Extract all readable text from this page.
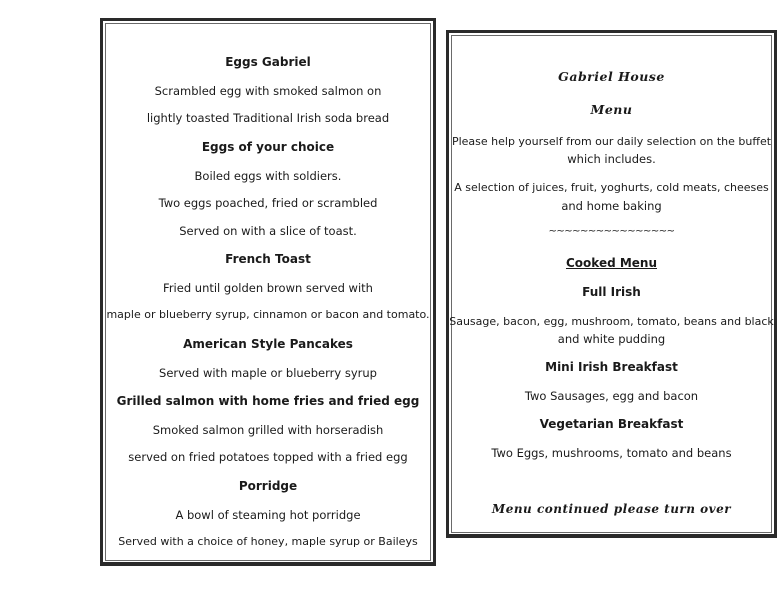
Eggs Gabriel
Scrambled egg with smoked salmon on
lightly toasted Traditional Irish soda bread
Eggs of your choice
Boiled eggs with soldiers.
Two eggs poached, fried or scrambled
Served on with a slice of toast.
French Toast
Fried until golden brown served with
maple or blueberry syrup, cinnamon or bacon and tomato.
American Style Pancakes
Served with maple or blueberry syrup
Grilled salmon with home fries and fried egg
Smoked salmon grilled with horseradish
served on fried potatoes topped with a fried egg
Porridge
A bowl of steaming hot porridge
Served with a choice of honey, maple syrup or Baileys
Gabriel House
Menu
Please help yourself from our daily selection on the buffet
which includes.
A selection of juices, fruit, yoghurts, cold meats, cheeses
and home baking
~~~~~~~~~~~~~~~~
Cooked Menu
Full Irish
Sausage, bacon, egg, mushroom, tomato, beans and black
and white pudding
Mini Irish Breakfast
Two Sausages, egg and bacon
Vegetarian Breakfast
Two Eggs, mushrooms, tomato and beans
Menu continued please turn over
